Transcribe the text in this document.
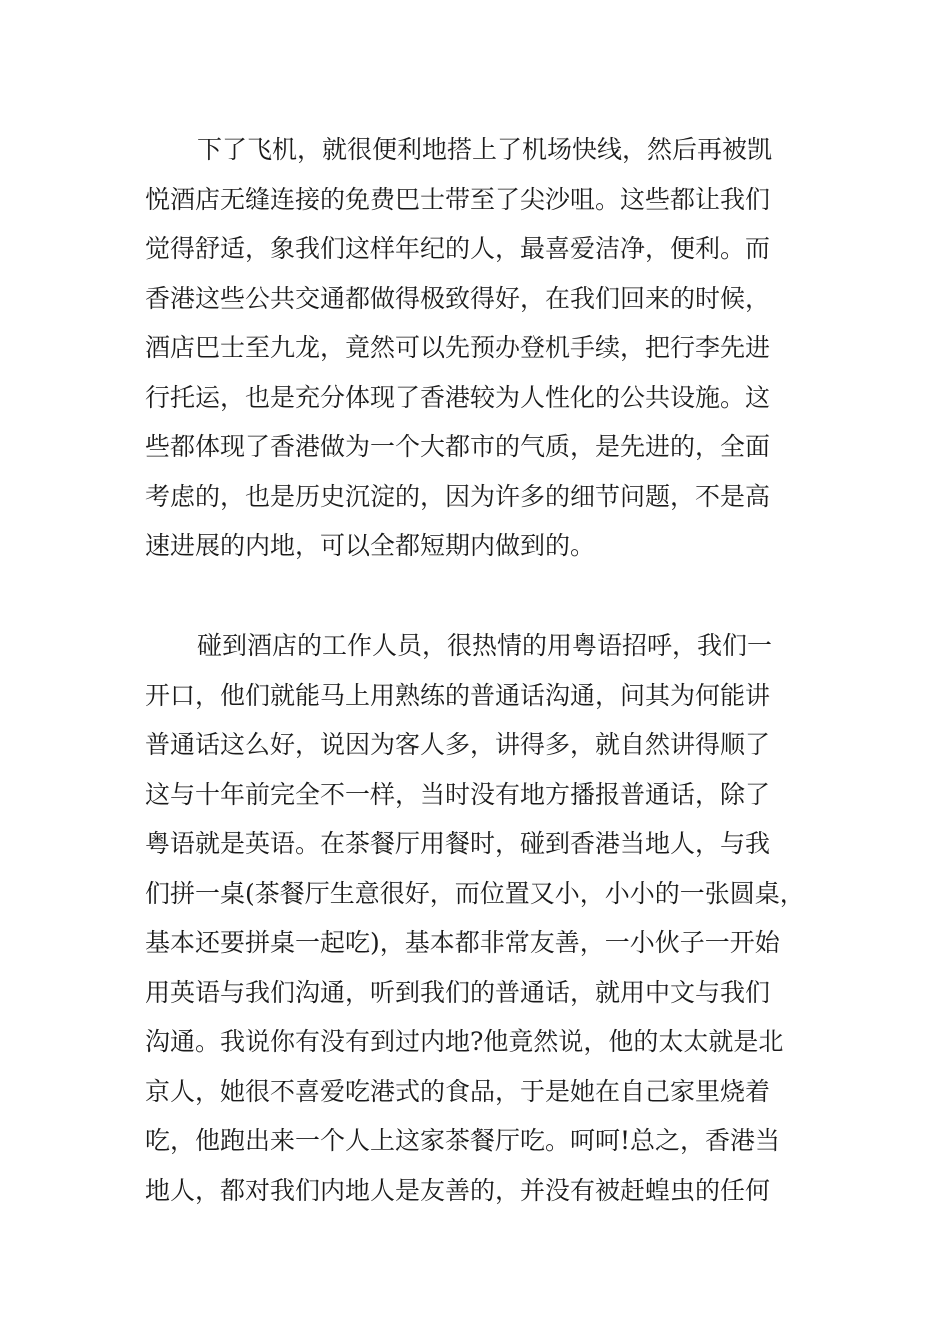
下了飞机，就很便利地搭上了机场快线，然后再被凯
悦酒店无缝连接的免费巴士带至了尖沙咀。这些都让我们
觉得舒适，象我们这样年纪的人，最喜爱洁净，便利。而
香港这些公共交通都做得极致得好，在我们回来的时候，
酒店巴士至九龙，竟然可以先预办登机手续，把行李先进
行托运，也是充分体现了香港较为人性化的公共设施。这
些都体现了香港做为一个大都市的气质，是先进的，全面
考虑的，也是历史沉淀的，因为许多的细节问题，不是高
速进展的内地，可以全都短期内做到的。
碰到酒店的工作人员，很热情的用粤语招呼，我们一
开口，他们就能马上用熟练的普通话沟通，问其为何能讲
普通话这么好，说因为客人多，讲得多，就自然讲得顺了
这与十年前完全不一样，当时没有地方播报普通话，除了
粤语就是英语。在茶餐厅用餐时，碰到香港当地人，与我
们拼一桌(茶餐厅生意很好，而位置又小，小小的一张圆桌，
基本还要拼桌一起吃)，基本都非常友善，一小伙子一开始
用英语与我们沟通，听到我们的普通话，就用中文与我们
沟通。我说你有没有到过内地?他竟然说，他的太太就是北
京人，她很不喜爱吃港式的食品，于是她在自己家里烧着
吃，他跑出来一个人上这家茶餐厅吃。呵呵!总之，香港当
地人，都对我们内地人是友善的，并没有被赶蝗虫的任何
